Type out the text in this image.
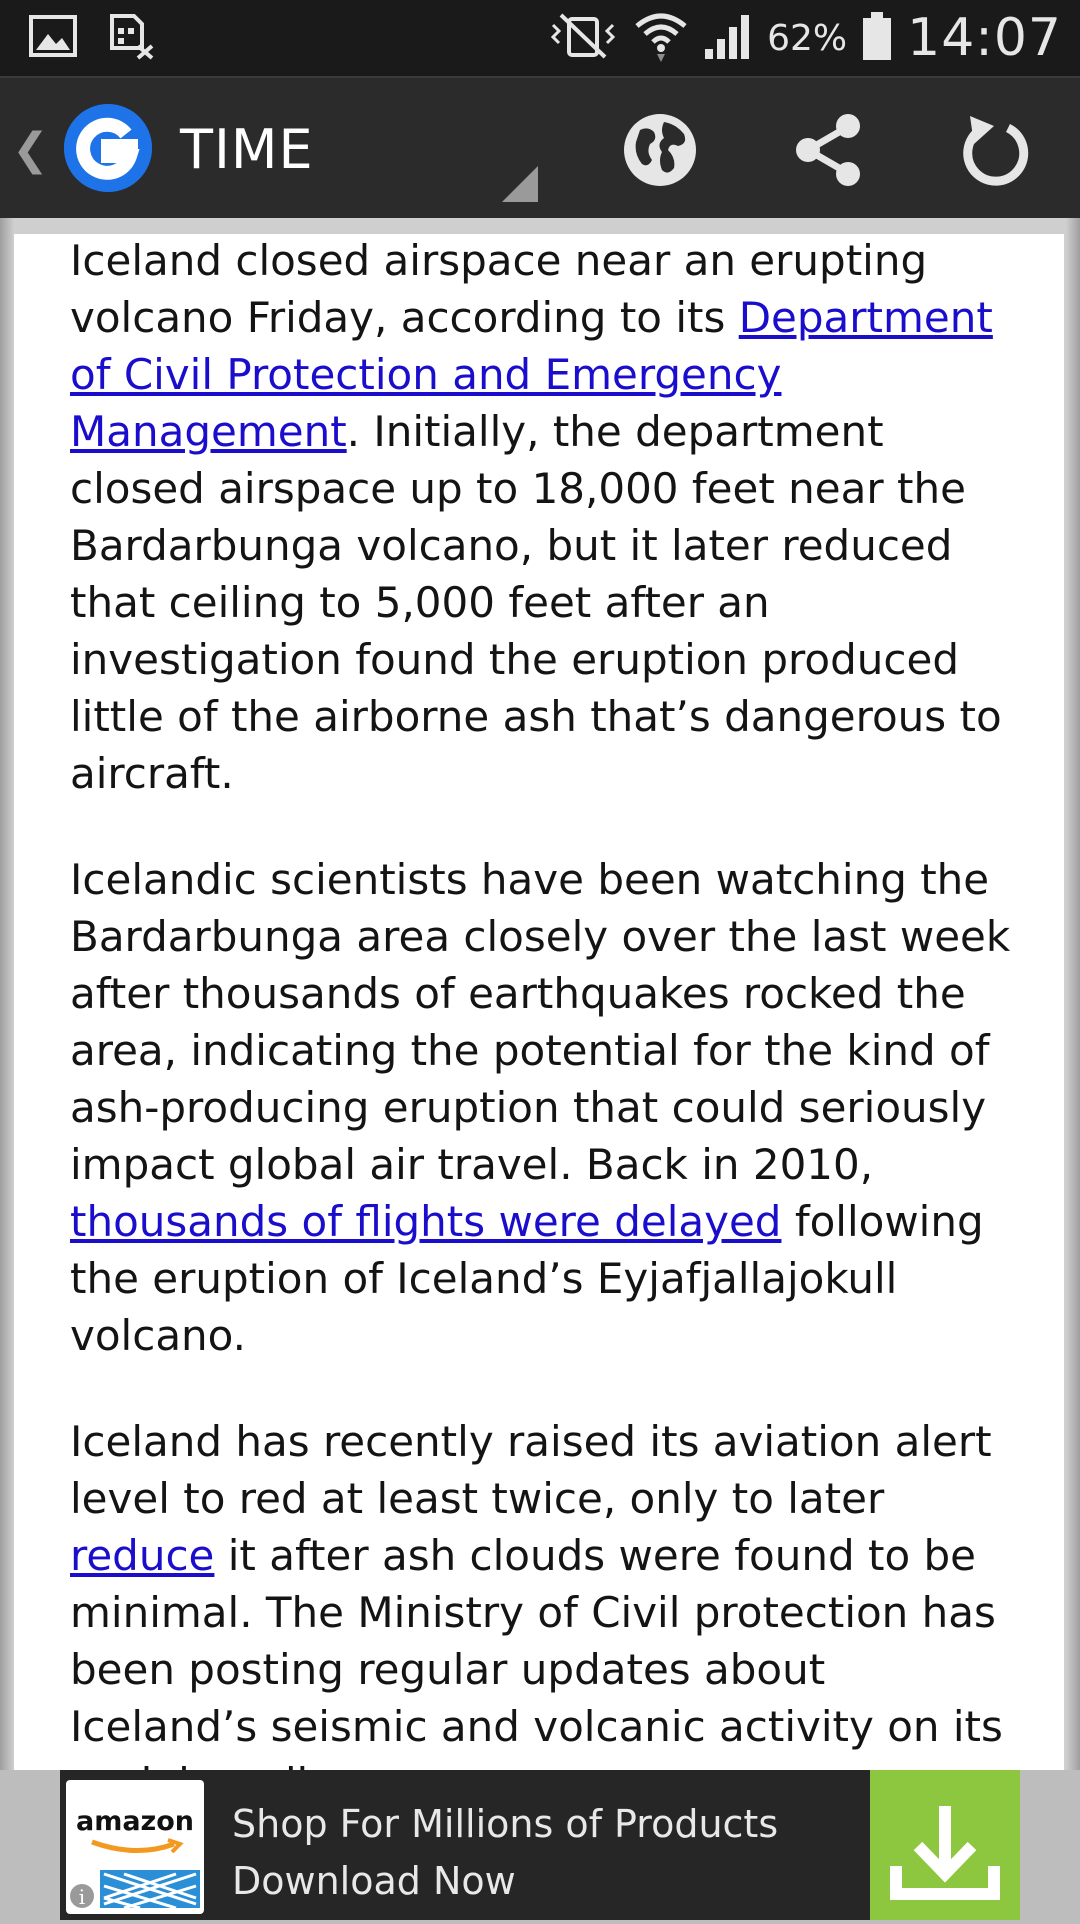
62% 14:07
❮ TIME

Iceland closed airspace near an erupting volcano Friday, according to its Department of Civil Protection and Emergency Management. Initially, the department closed airspace up to 18,000 feet near the Bardarbunga volcano, but it later reduced that ceiling to 5,000 feet after an investigation found the eruption produced little of the airborne ash that’s dangerous to aircraft.

Icelandic scientists have been watching the Bardarbunga area closely over the last week after thousands of earthquakes rocked the area, indicating the potential for the kind of ash-producing eruption that could seriously impact global air travel. Back in 2010, thousands of flights were delayed following the eruption of Iceland’s Eyjafjallajokull volcano.

Iceland has recently raised its aviation alert level to red at least twice, only to later reduce it after ash clouds were found to be minimal. The Ministry of Civil protection has been posting regular updates about Iceland’s seismic and volcanic activity on its

amazon
i
Shop For Millions of Products
Download Now
